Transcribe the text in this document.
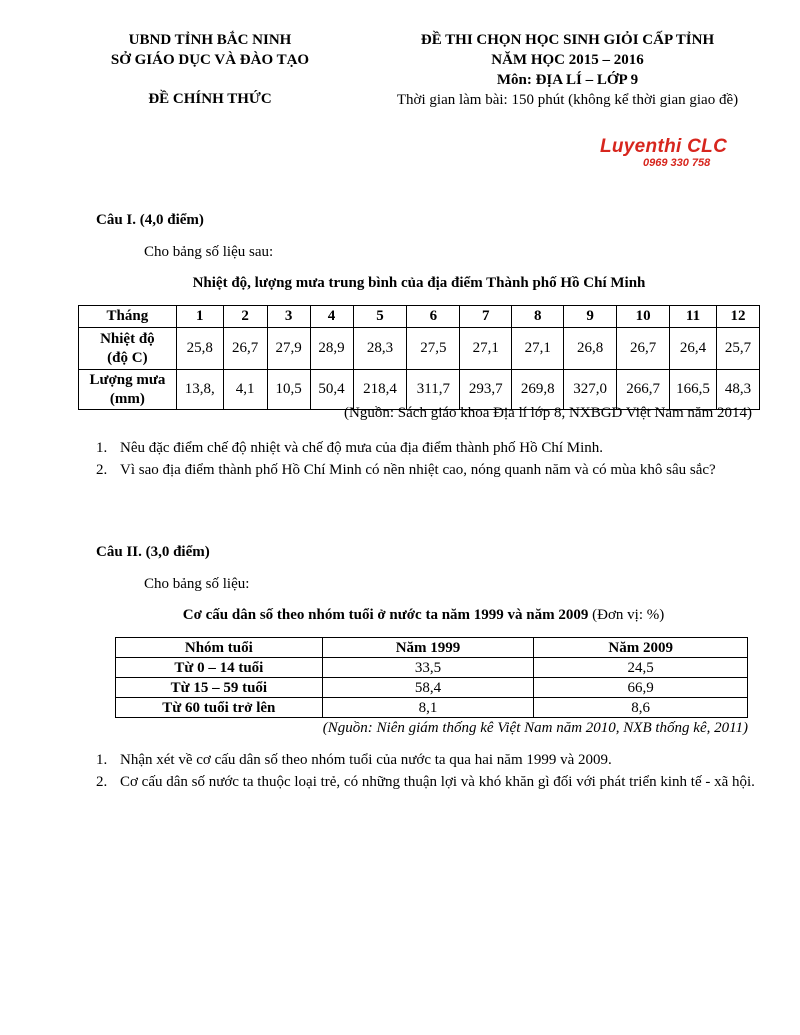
UBND TỈNH BẮC NINH
SỞ GIÁO DỤC VÀ ĐÀO TẠO
ĐỀ CHÍNH THỨC
ĐỀ THI CHỌN HỌC SINH GIỎI CẤP TỈNH
NĂM HỌC 2015 – 2016
Môn: ĐỊA LÍ – LỚP 9
Thời gian làm bài: 150 phút (không kể thời gian giao đề)
Luyenthi CLC
0969 330 758
Câu I. (4,0 điểm)
Cho bảng số liệu sau:
Nhiệt độ, lượng mưa trung bình của địa điểm Thành phố Hồ Chí Minh
Tháng	1	2	3	4	5	6	7	8	9	10	11	12

Nhiệt độ
(độ C)	25,8	26,7	27,9	28,9	28,3	27,5	27,1	27,1	26,8	26,7	26,4	25,7

Lượng mưa
(mm)	13,8,	4,1	10,5	50,4	218,4	311,7	293,7	269,8	327,0	266,7	166,5	48,3
(Nguồn: Sách giáo khoa Địa lí lớp 8, NXBGD Việt Nam năm 2014)
1. Nêu đặc điểm chế độ nhiệt và chế độ mưa của địa điểm thành phố Hồ Chí Minh.
2. Vì sao địa điểm thành phố Hồ Chí Minh có nền nhiệt cao, nóng quanh năm và có mùa khô sâu sắc?
Câu II. (3,0 điểm)
Cho bảng số liệu:
Cơ cấu dân số theo nhóm tuổi ở nước ta năm 1999 và năm 2009 (Đơn vị: %)
Nhóm tuổi	Năm 1999	Năm 2009
Từ 0 – 14 tuổi	33,5	24,5
Từ 15 – 59 tuổi	58,4	66,9
Từ 60 tuổi trở lên	8,1	8,6
(Nguồn: Niên giám thống kê Việt Nam năm 2010, NXB thống kê, 2011)
1. Nhận xét về cơ cấu dân số theo nhóm tuổi của nước ta qua hai năm 1999 và 2009.
2. Cơ cấu dân số nước ta thuộc loại trẻ, có những thuận lợi và khó khăn gì đối với phát triển kinh tế - xã hội.
